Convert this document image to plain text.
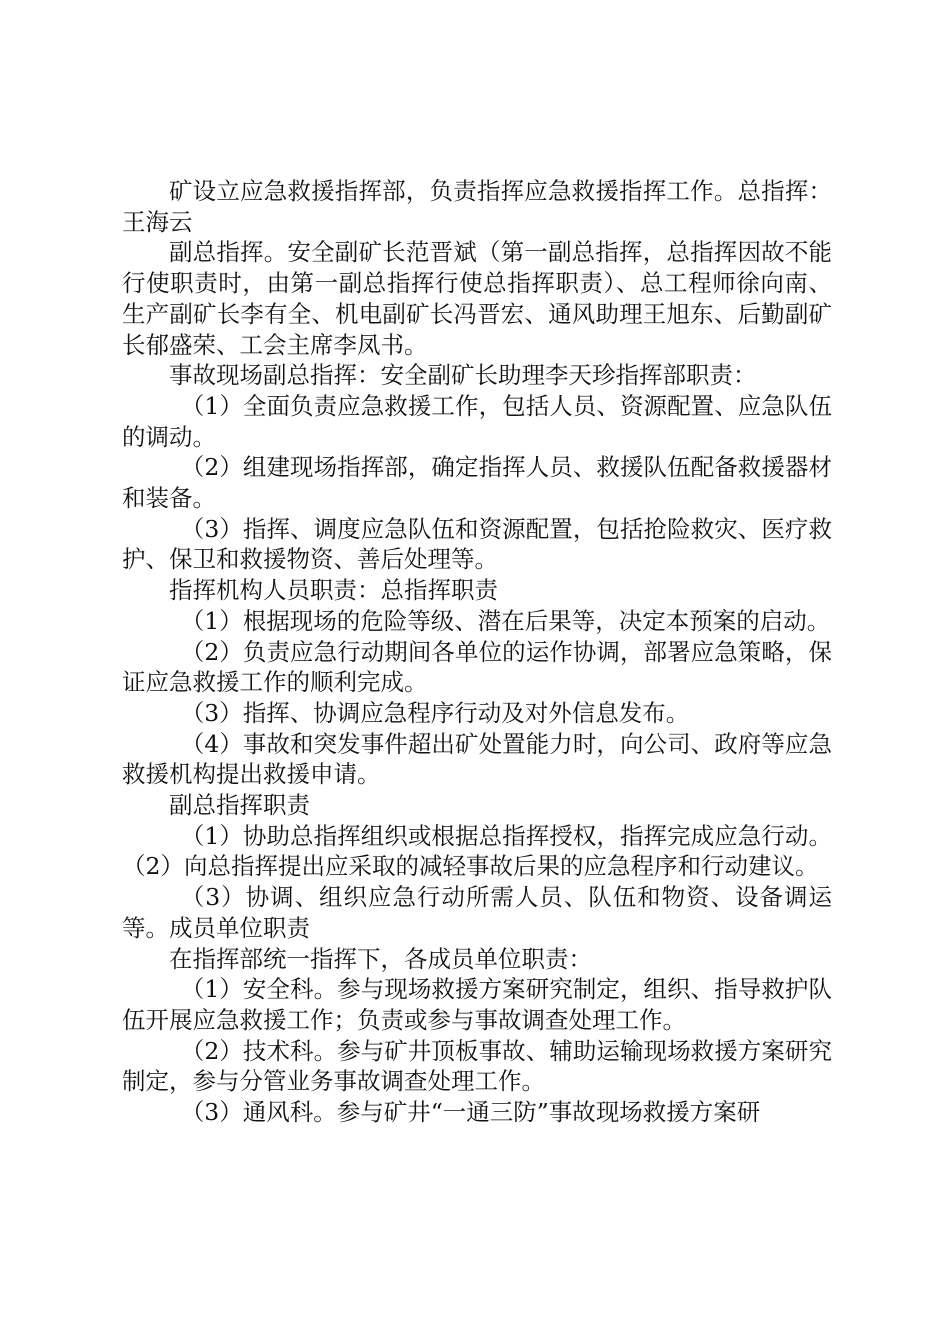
矿设立应急救援指挥部，负责指挥应急救援指挥工作。总指挥：王海云

副总指挥。安全副矿长范晋斌（第一副总指挥，总指挥因故不能行使职责时，由第一副总指挥行使总指挥职责）、总工程师徐向南、生产副矿长李有全、机电副矿长冯晋宏、通风助理王旭东、后勤副矿长郁盛荣、工会主席李凤书。

事故现场副总指挥：安全副矿长助理李天珍指挥部职责：

（1）全面负责应急救援工作，包括人员、资源配置、应急队伍的调动。

（2）组建现场指挥部，确定指挥人员、救援队伍配备救援器材和装备。

（3）指挥、调度应急队伍和资源配置，包括抢险救灾、医疗救护、保卫和救援物资、善后处理等。

指挥机构人员职责：总指挥职责

（1）根据现场的危险等级、潜在后果等，决定本预案的启动。

（2）负责应急行动期间各单位的运作协调，部署应急策略，保证应急救援工作的顺利完成。

（3）指挥、协调应急程序行动及对外信息发布。

（4）事故和突发事件超出矿处置能力时，向公司、政府等应急救援机构提出救援申请。

副总指挥职责

（1）协助总指挥组织或根据总指挥授权，指挥完成应急行动。（2）向总指挥提出应采取的减轻事故后果的应急程序和行动建议。

（3）协调、组织应急行动所需人员、队伍和物资、设备调运等。成员单位职责

在指挥部统一指挥下，各成员单位职责：

（1）安全科。参与现场救援方案研究制定，组织、指导救护队伍开展应急救援工作；负责或参与事故调查处理工作。

（2）技术科。参与矿井顶板事故、辅助运输现场救援方案研究制定，参与分管业务事故调查处理工作。

（3）通风科。参与矿井“一通三防”事故现场救援方案研
